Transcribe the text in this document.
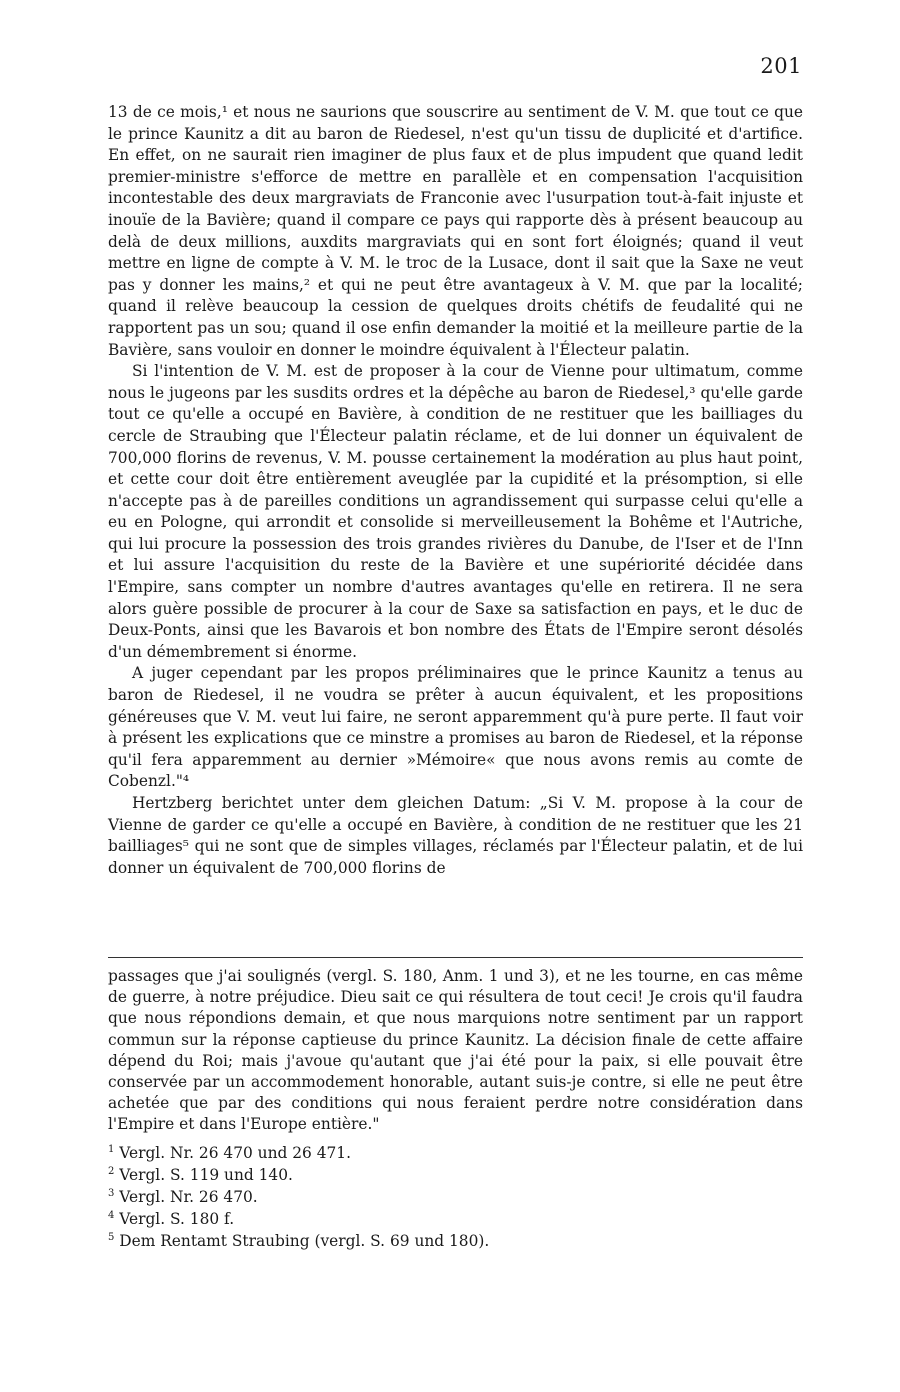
201

13 de ce mois,¹ et nous ne saurions que souscrire au sentiment de V. M. que tout ce que le prince Kaunitz a dit au baron de Riedesel, n'est qu'un tissu de duplicité et d'artifice. En effet, on ne saurait rien imaginer de plus faux et de plus impudent que quand ledit premier-ministre s'efforce de mettre en parallèle et en compensation l'acquisition incontestable des deux margraviats de Franconie avec l'usurpation tout-à-fait injuste et inouïe de la Bavière; quand il compare ce pays qui rapporte dès à présent beaucoup au delà de deux millions, auxdits margraviats qui en sont fort éloignés; quand il veut mettre en ligne de compte à V. M. le troc de la Lusace, dont il sait que la Saxe ne veut pas y donner les mains,² et qui ne peut être avantageux à V. M. que par la localité; quand il relève beaucoup la cession de quelques droits chétifs de feudalité qui ne rapportent pas un sou; quand il ose enfin demander la moitié et la meilleure partie de la Bavière, sans vouloir en donner le moindre équivalent à l'Électeur palatin.

Si l'intention de V. M. est de proposer à la cour de Vienne pour ultimatum, comme nous le jugeons par les susdits ordres et la dépêche au baron de Riedesel,³ qu'elle garde tout ce qu'elle a occupé en Bavière, à condition de ne restituer que les bailliages du cercle de Straubing que l'Électeur palatin réclame, et de lui donner un équivalent de 700,000 florins de revenus, V. M. pousse certainement la modération au plus haut point, et cette cour doit être entièrement aveuglée par la cupidité et la présomption, si elle n'accepte pas à de pareilles conditions un agrandissement qui surpasse celui qu'elle a eu en Pologne, qui arrondit et consolide si merveilleusement la Bohême et l'Autriche, qui lui procure la possession des trois grandes rivières du Danube, de l'Iser et de l'Inn et lui assure l'acquisition du reste de la Bavière et une supériorité décidée dans l'Empire, sans compter un nombre d'autres avantages qu'elle en retirera. Il ne sera alors guère possible de procurer à la cour de Saxe sa satisfaction en pays, et le duc de Deux-Ponts, ainsi que les Bavarois et bon nombre des États de l'Empire seront désolés d'un démembrement si énorme.

A juger cependant par les propos préliminaires que le prince Kaunitz a tenus au baron de Riedesel, il ne voudra se prêter à aucun équivalent, et les propositions généreuses que V. M. veut lui faire, ne seront apparemment qu'à pure perte. Il faut voir à présent les explications que ce minstre a promises au baron de Riedesel, et la réponse qu'il fera apparemment au dernier »Mémoire« que nous avons remis au comte de Cobenzl."⁴

Hertzberg berichtet unter dem gleichen Datum: „Si V. M. propose à la cour de Vienne de garder ce qu'elle a occupé en Bavière, à condition de ne restituer que les 21 bailliages⁵ qui ne sont que de simples villages, réclamés par l'Électeur palatin, et de lui donner un équivalent de 700,000 florins de

passages que j'ai soulignés (vergl. S. 180, Anm. 1 und 3), et ne les tourne, en cas même de guerre, à notre préjudice. Dieu sait ce qui résultera de tout ceci! Je crois qu'il faudra que nous répondions demain, et que nous marquions notre sentiment par un rapport commun sur la réponse captieuse du prince Kaunitz. La décision finale de cette affaire dépend du Roi; mais j'avoue qu'autant que j'ai été pour la paix, si elle pouvait être conservée par un accommodement honorable, autant suis-je contre, si elle ne peut être achetée que par des conditions qui nous feraient perdre notre considération dans l'Empire et dans l'Europe entière."

$^1$ Vergl. Nr. 26 470 und 26 471.
$^2$ Vergl. S. 119 und 140.
$^3$ Vergl. Nr. 26 470.
$^4$ Vergl. S. 180 f.
$^5$ Dem Rentamt Straubing (vergl. S. 69 und 180).
